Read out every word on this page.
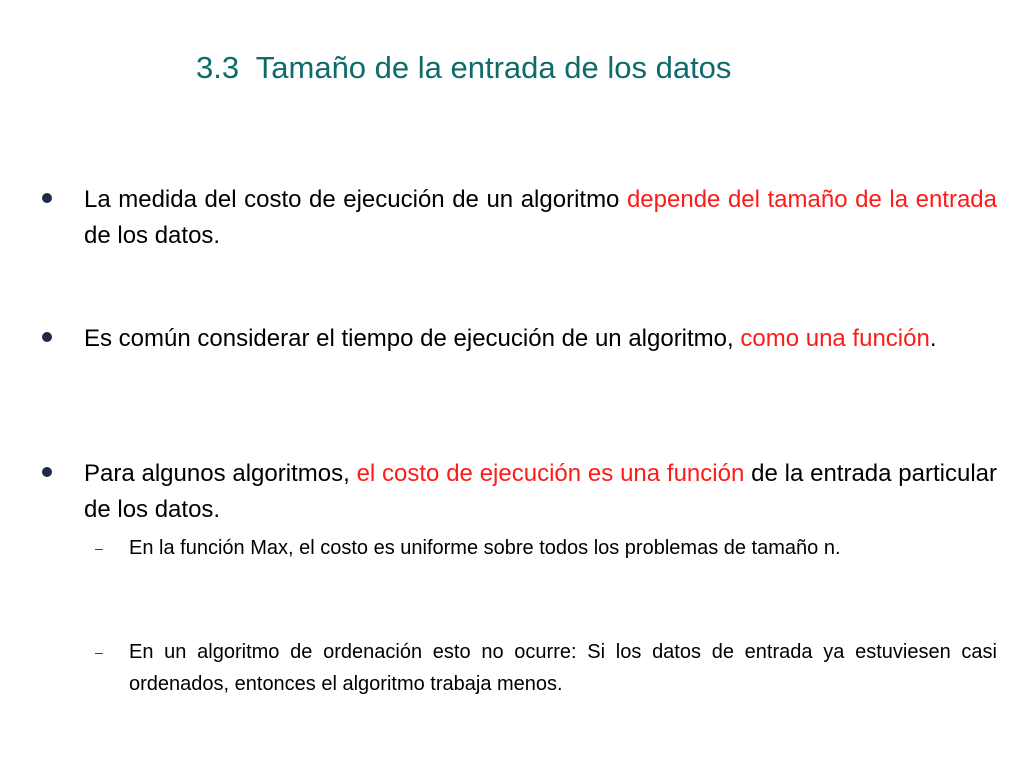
3.3  Tamaño de la entrada de los datos
La medida del costo de ejecución de un algoritmo depende del tamaño de la entrada de los datos.
Es común considerar el tiempo de ejecución de un algoritmo, como una función.
Para algunos algoritmos, el costo de ejecución es una función de la entrada particular de los datos.
– En la función Max, el costo es uniforme sobre todos los problemas de tamaño n.
– En un algoritmo de ordenación esto no ocurre: Si los datos de entrada ya estuviesen casi ordenados, entonces el algoritmo trabaja menos.
